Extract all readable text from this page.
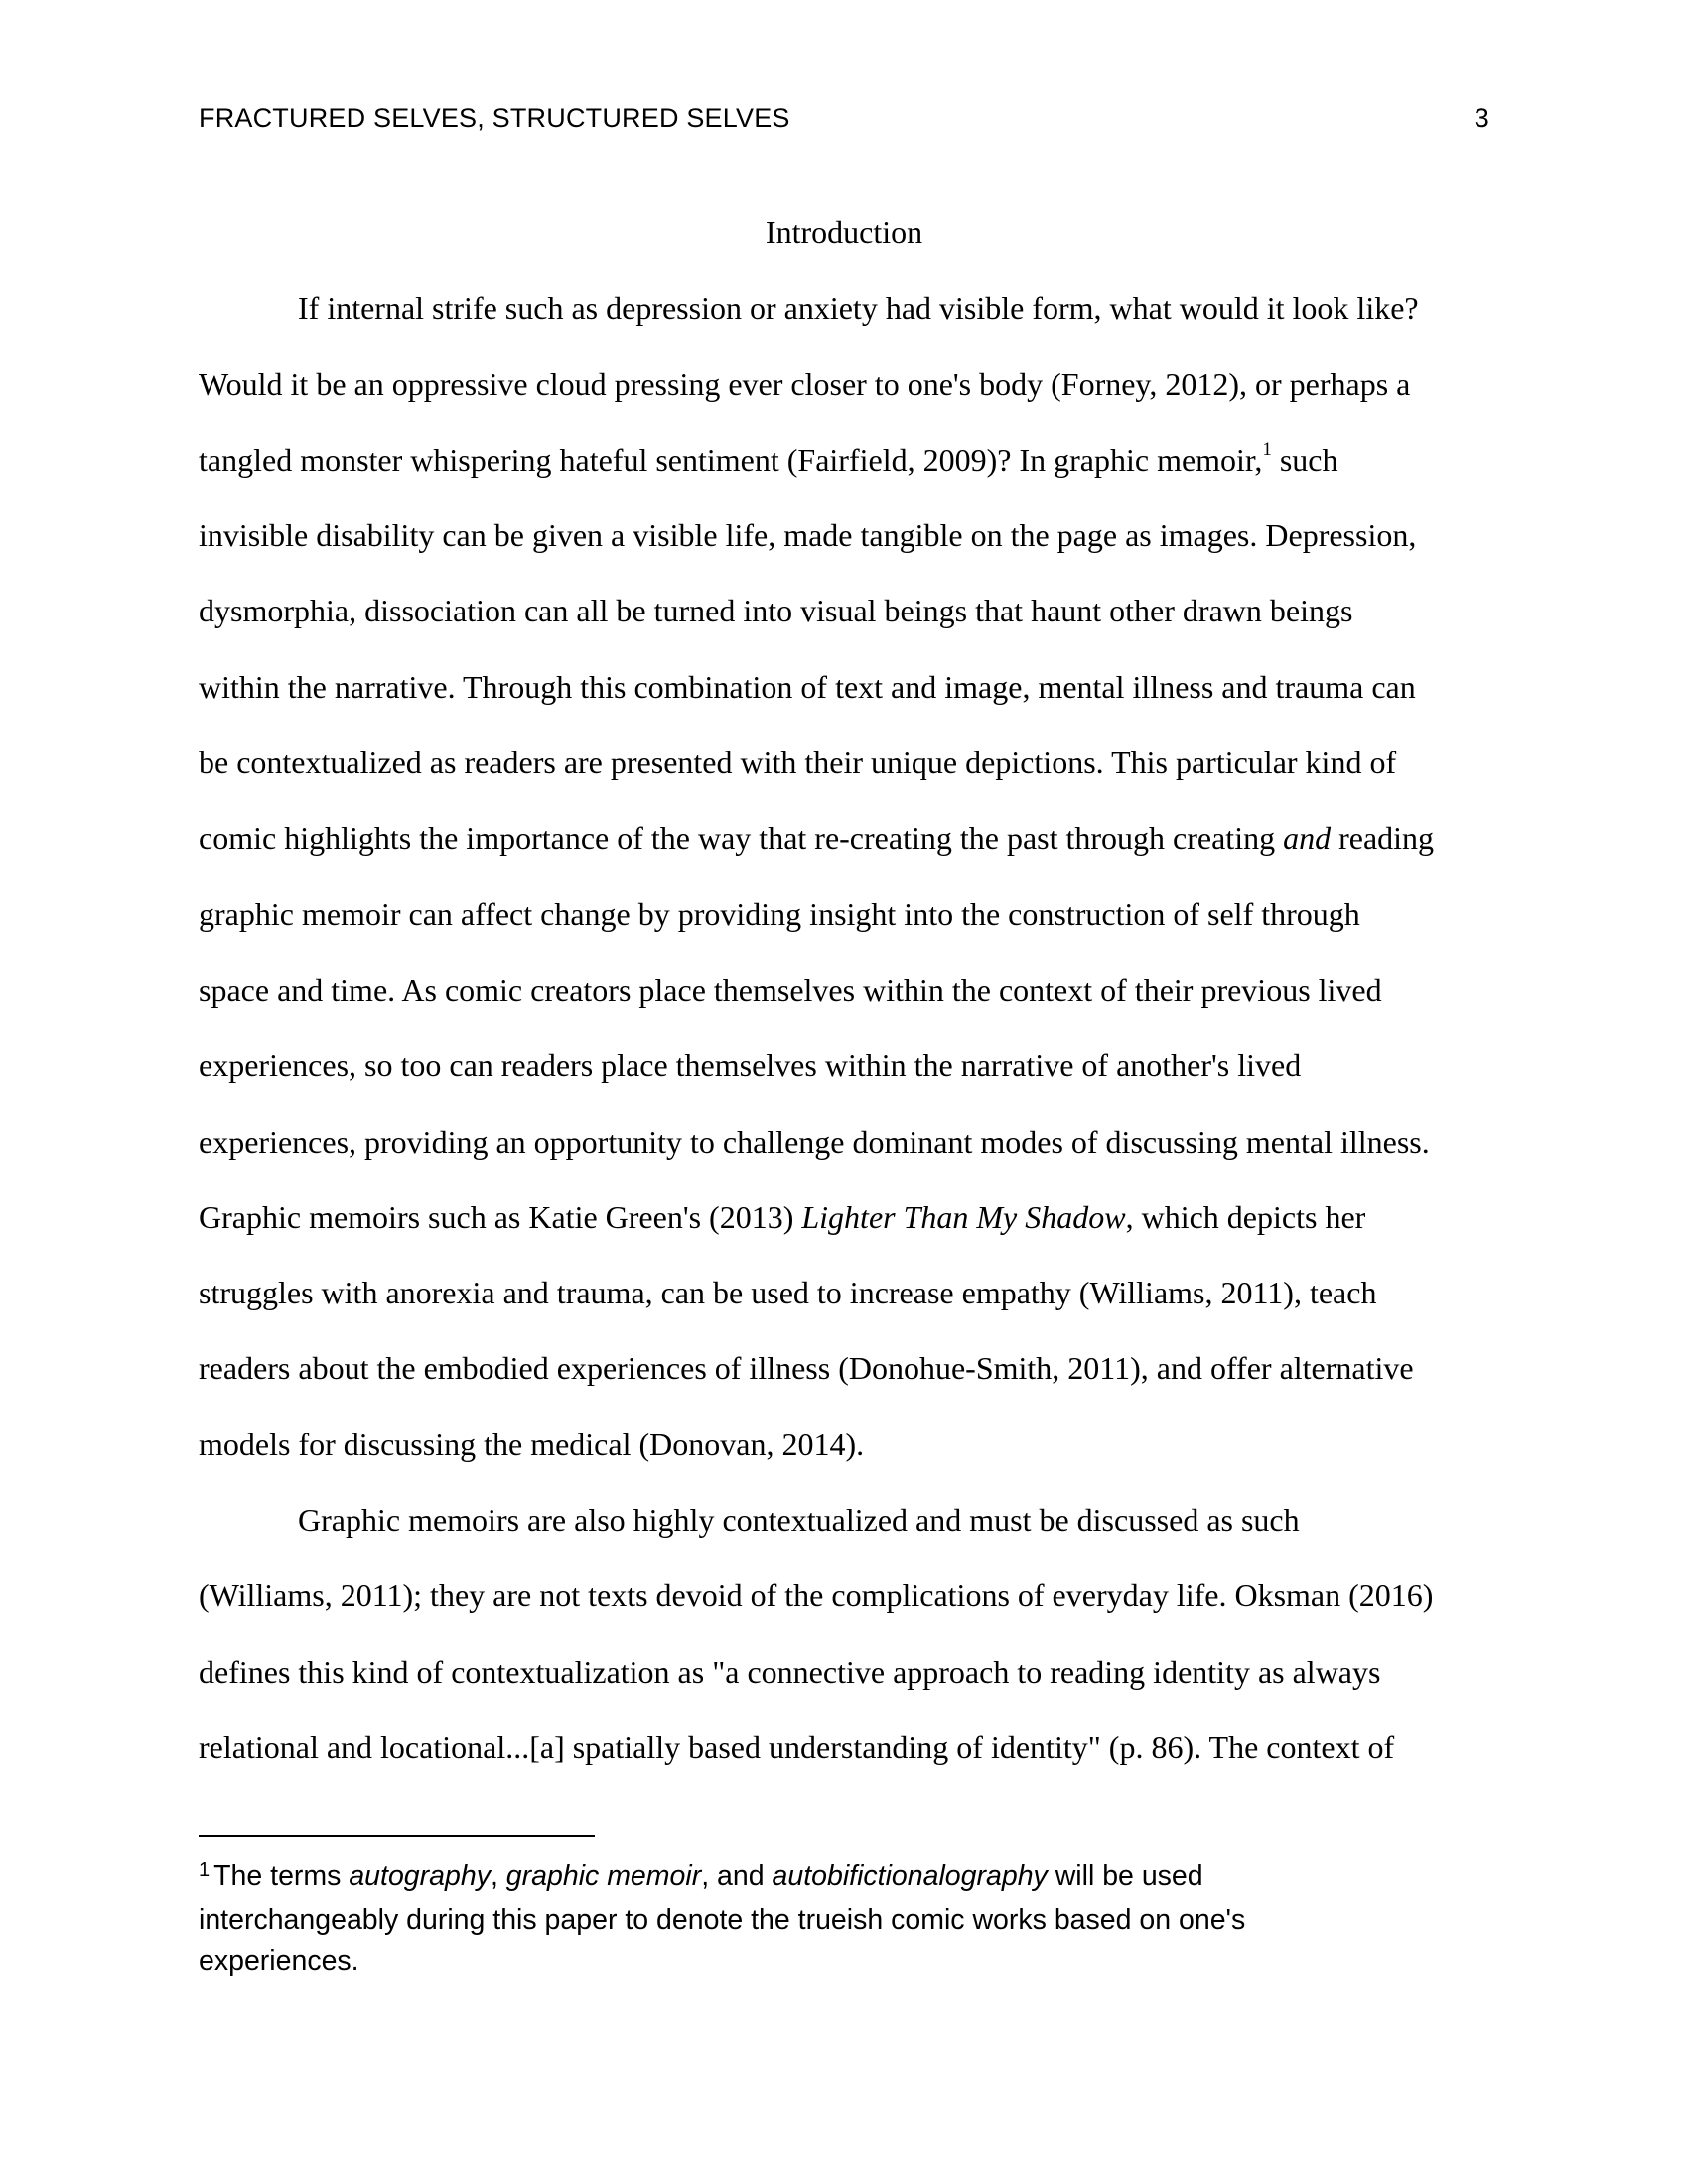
FRACTURED SELVES, STRUCTURED SELVES	3
Introduction
If internal strife such as depression or anxiety had visible form, what would it look like?
Would it be an oppressive cloud pressing ever closer to one's body (Forney, 2012), or perhaps a
tangled monster whispering hateful sentiment (Fairfield, 2009)? In graphic memoir,$^1$ such
invisible disability can be given a visible life, made tangible on the page as images. Depression,
dysmorphia, dissociation can all be turned into visual beings that haunt other drawn beings
within the narrative. Through this combination of text and image, mental illness and trauma can
be contextualized as readers are presented with their unique depictions. This particular kind of
comic highlights the importance of the way that re-creating the past through creating and reading
graphic memoir can affect change by providing insight into the construction of self through
space and time. As comic creators place themselves within the context of their previous lived
experiences, so too can readers place themselves within the narrative of another's lived
experiences, providing an opportunity to challenge dominant modes of discussing mental illness.
Graphic memoirs such as Katie Green's (2013) Lighter Than My Shadow, which depicts her
struggles with anorexia and trauma, can be used to increase empathy (Williams, 2011), teach
readers about the embodied experiences of illness (Donohue-Smith, 2011), and offer alternative
models for discussing the medical (Donovan, 2014).
Graphic memoirs are also highly contextualized and must be discussed as such
(Williams, 2011); they are not texts devoid of the complications of everyday life. Oksman (2016)
defines this kind of contextualization as "a connective approach to reading identity as always
relational and locational...[a] spatially based understanding of identity" (p. 86). The context of
$^1$ The terms autography, graphic memoir, and autobifictionalography will be used
interchangeably during this paper to denote the trueish comic works based on one's
experiences.
